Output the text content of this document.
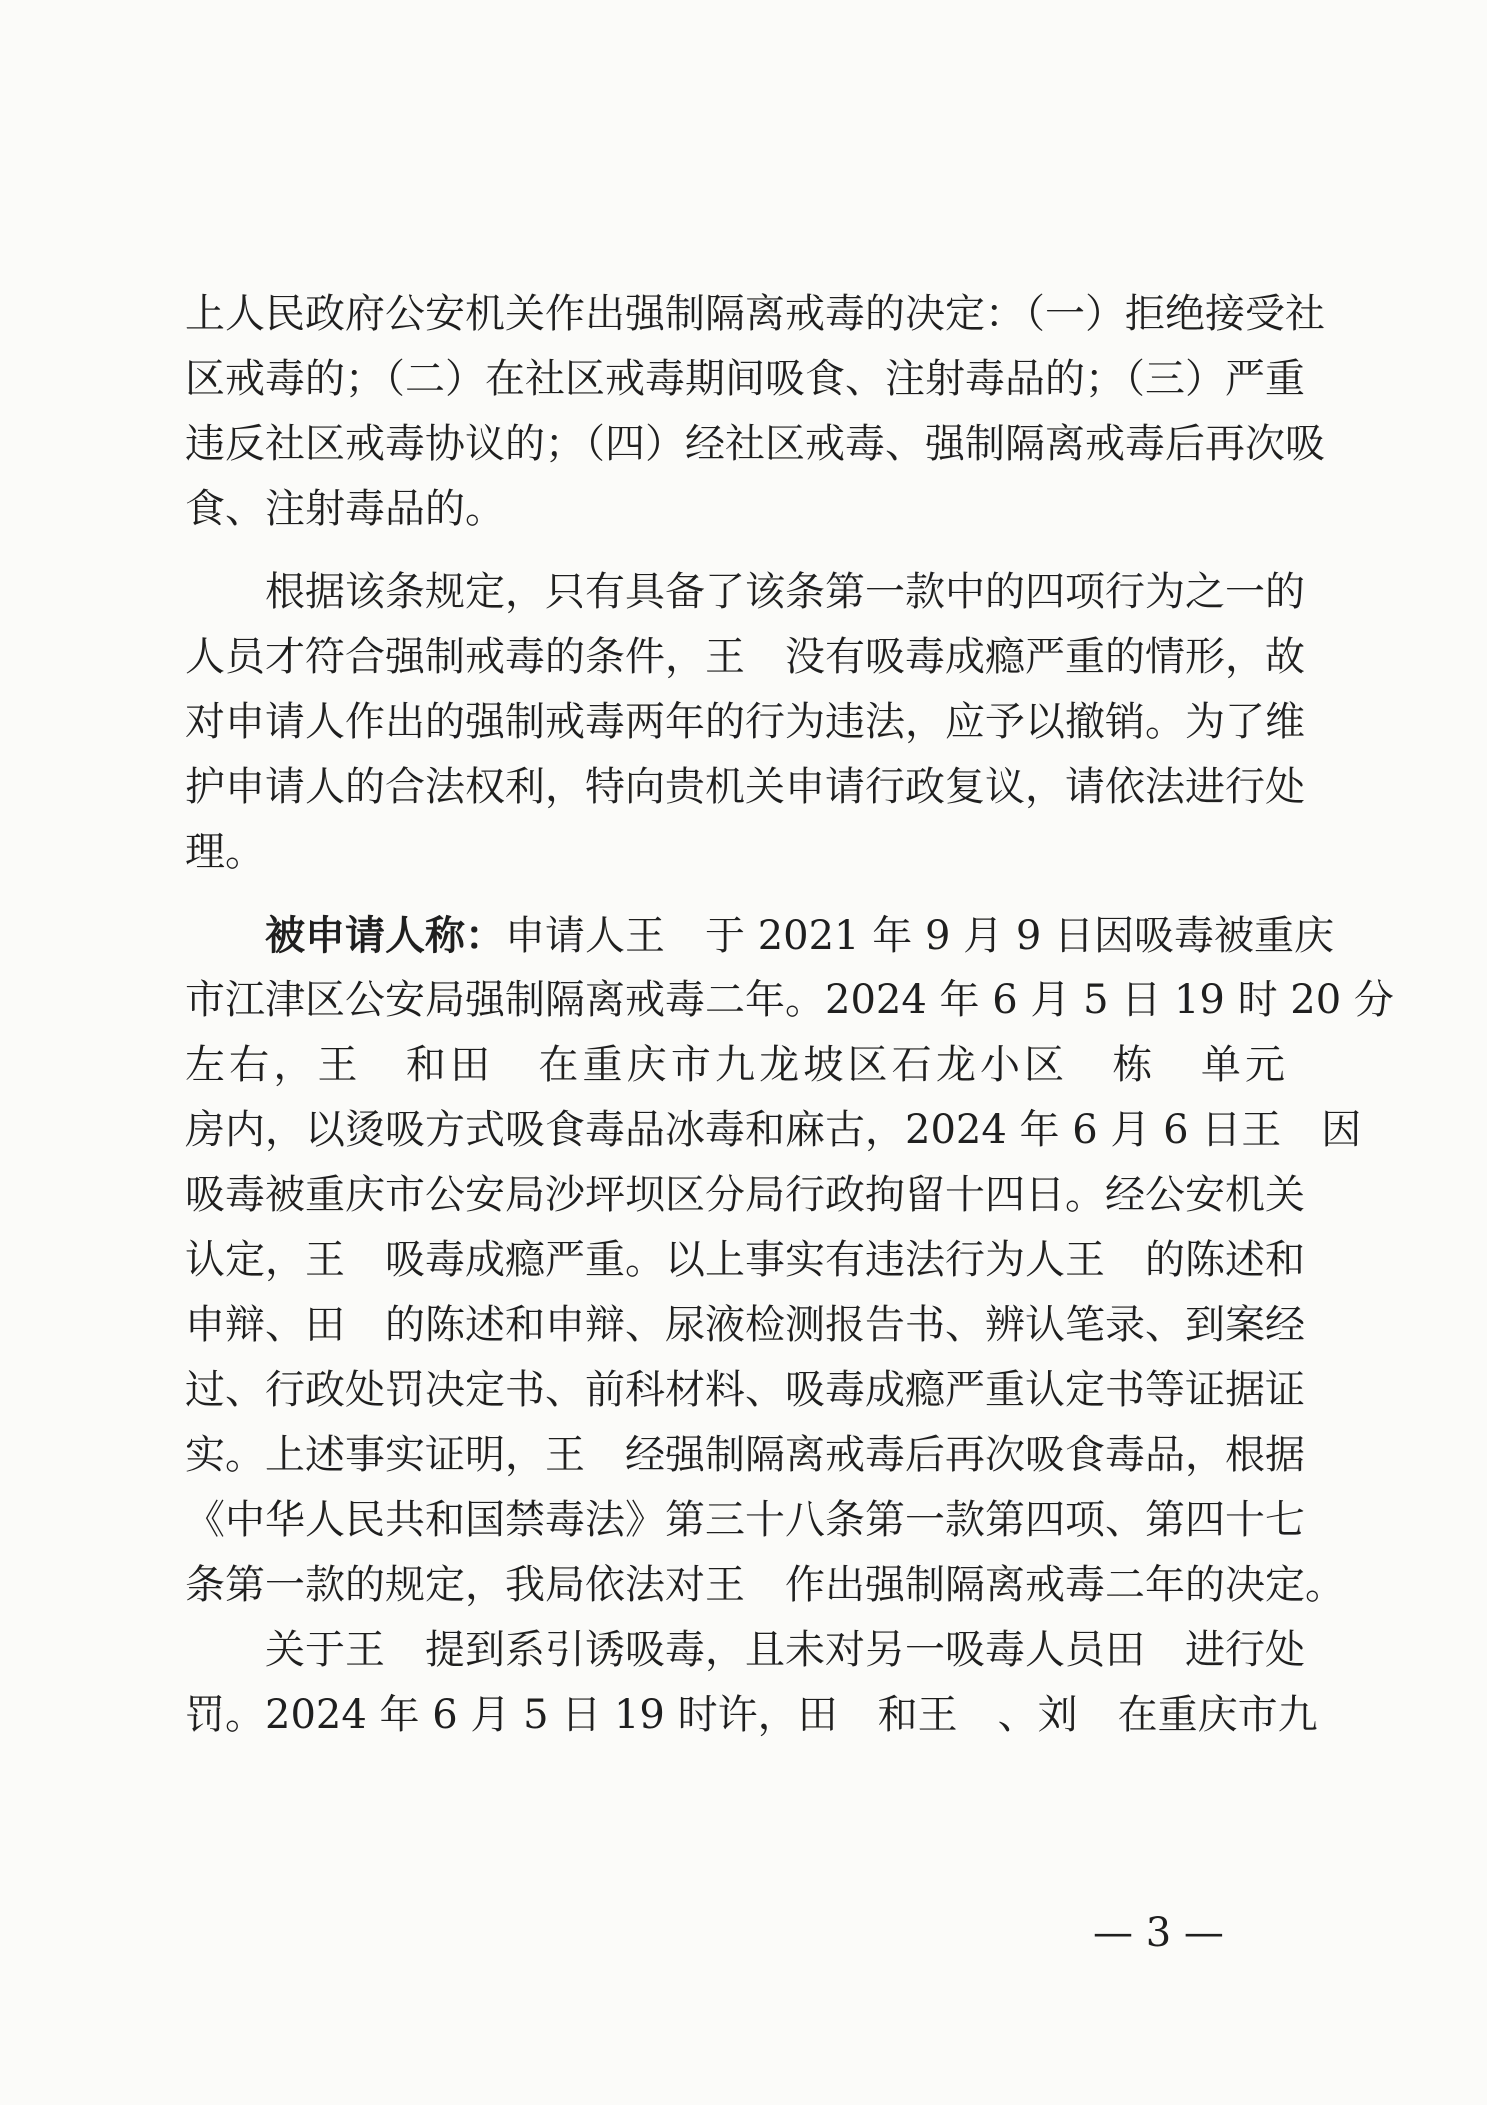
上人民政府公安机关作出强制隔离戒毒的决定：（一）拒绝接受社
区戒毒的；（二）在社区戒毒期间吸食、注射毒品的；（三）严重
违反社区戒毒协议的；（四）经社区戒毒、强制隔离戒毒后再次吸
食、注射毒品的。
　　根据该条规定，只有具备了该条第一款中的四项行为之一的
人员才符合强制戒毒的条件，王　没有吸毒成瘾严重的情形，故
对申请人作出的强制戒毒两年的行为违法，应予以撤销。为了维
护申请人的合法权利，特向贵机关申请行政复议，请依法进行处
理。
　　被申请人称：申请人王　于 2021 年 9 月 9 日因吸毒被重庆
市江津区公安局强制隔离戒毒二年。2024 年 6 月 5 日 19 时 20 分
左右，王　和田　在重庆市九龙坡区石龙小区　栋　单元
房内，以烫吸方式吸食毒品冰毒和麻古，2024 年 6 月 6 日王　因
吸毒被重庆市公安局沙坪坝区分局行政拘留十四日。经公安机关
认定，王　吸毒成瘾严重。以上事实有违法行为人王　的陈述和
申辩、田　的陈述和申辩、尿液检测报告书、辨认笔录、到案经
过、行政处罚决定书、前科材料、吸毒成瘾严重认定书等证据证
实。上述事实证明，王　经强制隔离戒毒后再次吸食毒品，根据
《中华人民共和国禁毒法》第三十八条第一款第四项、第四十七
条第一款的规定，我局依法对王　作出强制隔离戒毒二年的决定。
　　关于王　提到系引诱吸毒，且未对另一吸毒人员田　进行处
罚。2024 年 6 月 5 日 19 时许，田　和王　、刘　在重庆市九
— 3 —
